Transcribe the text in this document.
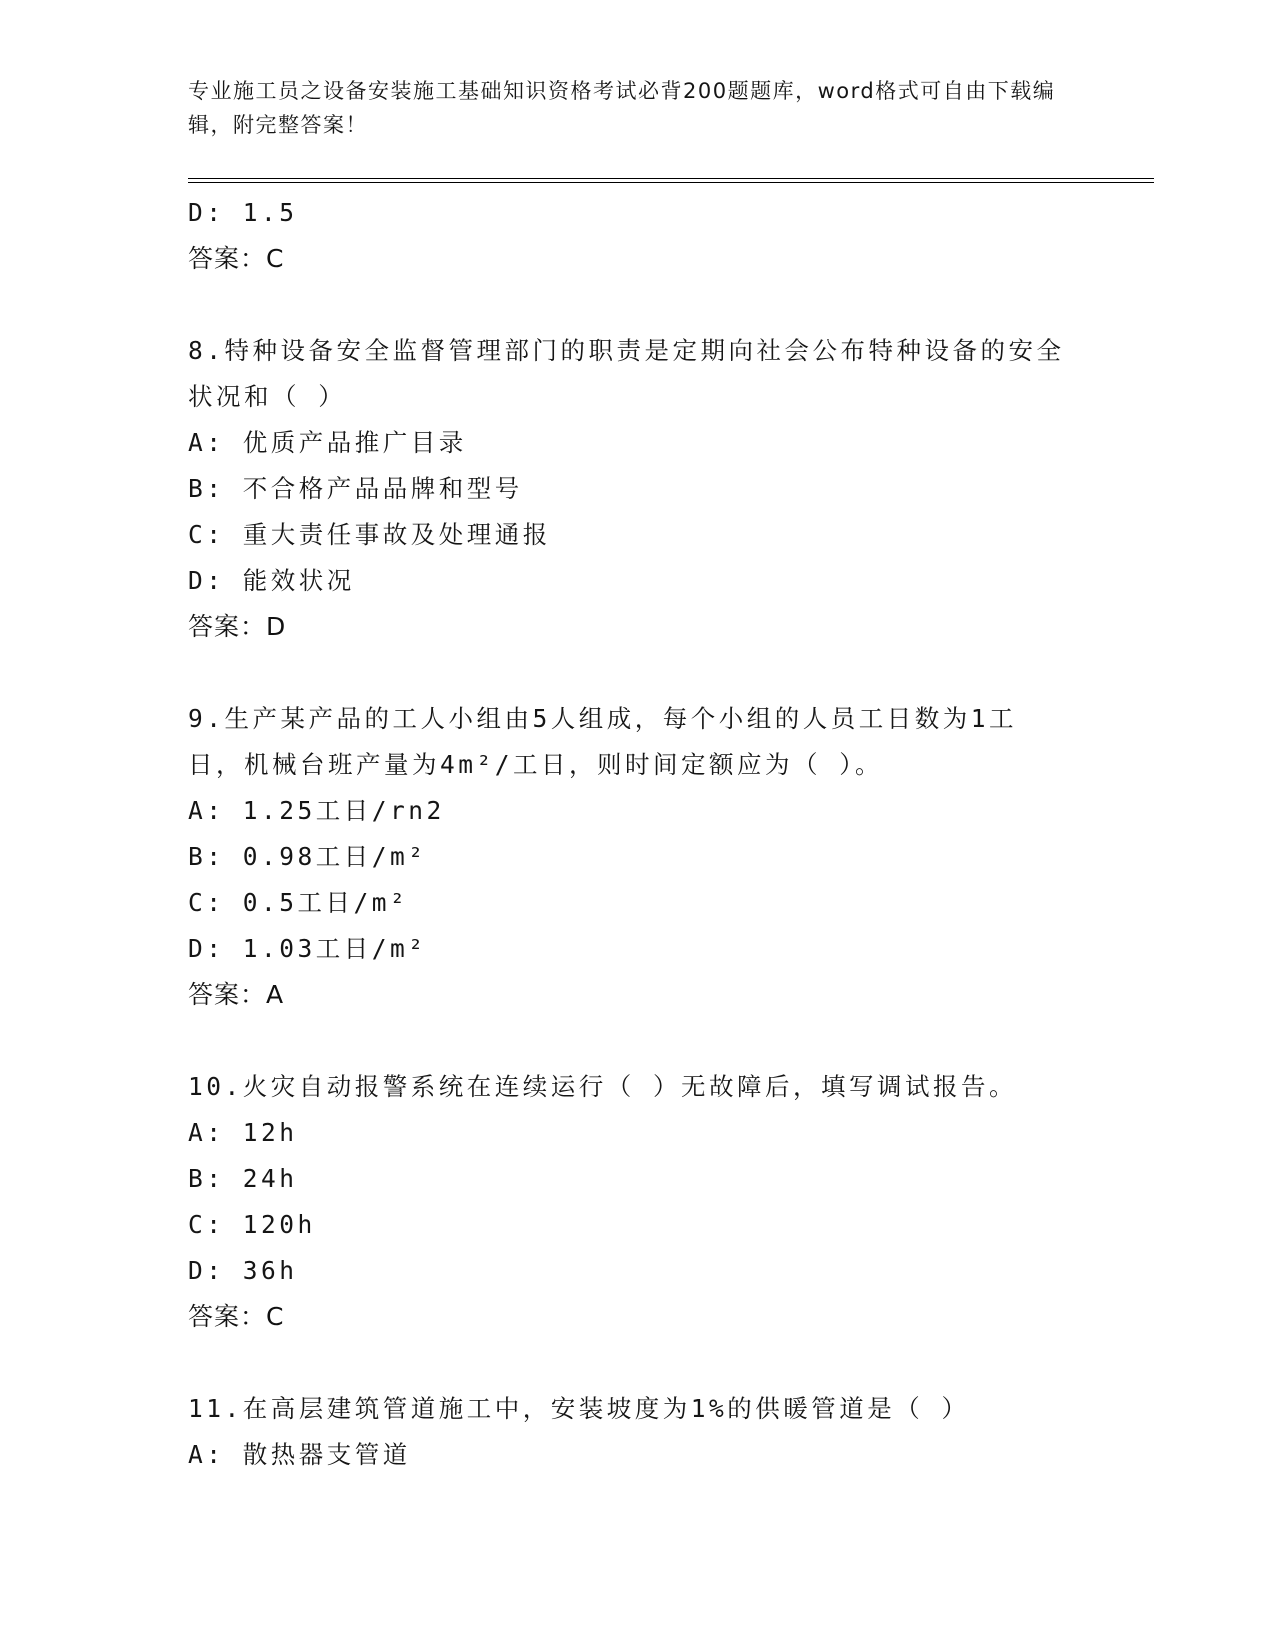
专业施工员之设备安装施工基础知识资格考试必背200题题库，word格式可自由下载编辑，附完整答案！
D: 1.5
答案：C
8.特种设备安全监督管理部门的职责是定期向社会公布特种设备的安全状况和（ ）
A: 优质产品推广目录
B: 不合格产品品牌和型号
C: 重大责任事故及处理通报
D: 能效状况
答案：D
9.生产某产品的工人小组由5人组成，每个小组的人员工日数为1工日，机械台班产量为4m²/工日，则时间定额应为（ ）。
A: 1.25工日/rn2
B: 0.98工日/m²
C: 0.5工日/m²
D: 1.03工日/m²
答案：A
10.火灾自动报警系统在连续运行（ ）无故障后，填写调试报告。
A: 12h
B: 24h
C: 120h
D: 36h
答案：C
11.在高层建筑管道施工中，安装坡度为1%的供暖管道是（ ）
A: 散热器支管道
